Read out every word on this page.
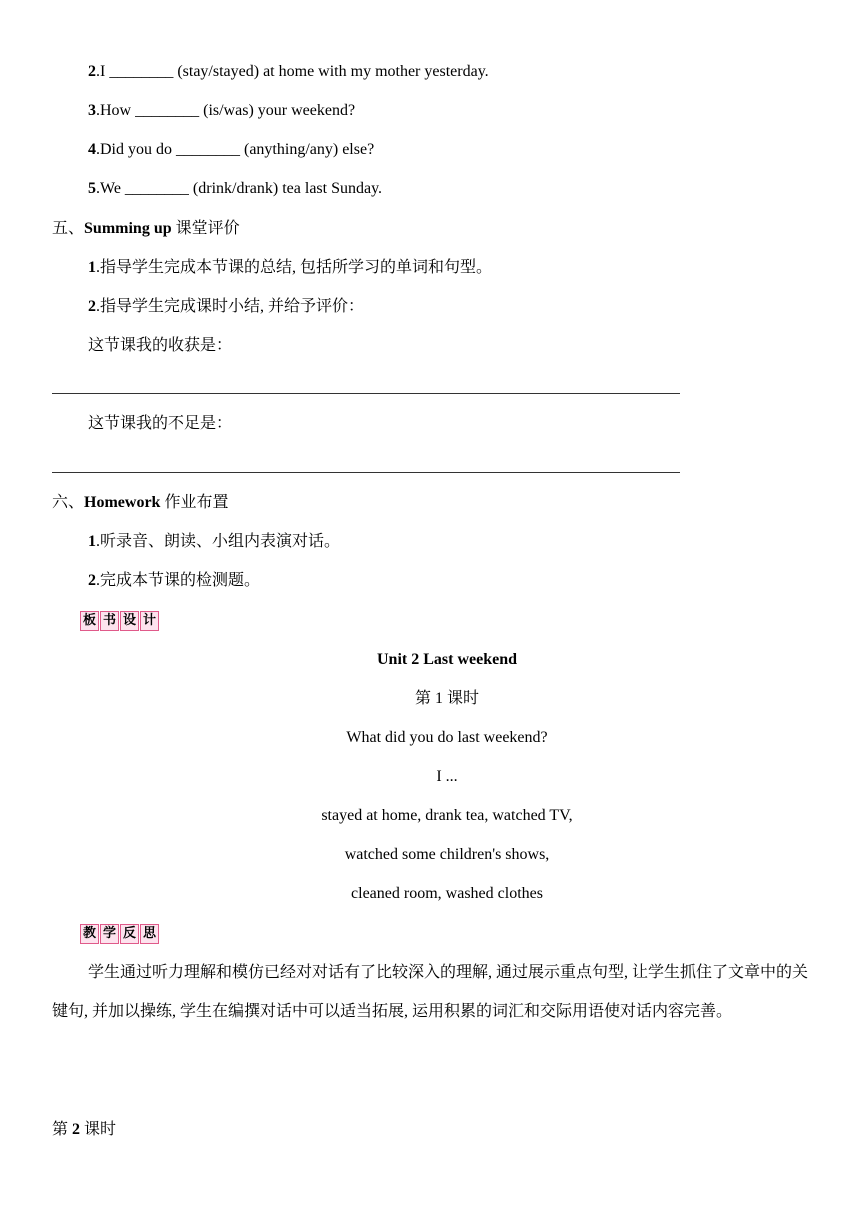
2.I ________ (stay/stayed) at home with my mother yesterday.
3.How ________ (is/was) your weekend?
4.Did you do ________ (anything/any) else?
5.We ________ (drink/drank) tea last Sunday.
五、Summing up 课堂评价
1.指导学生完成本节课的总结, 包括所学习的单词和句型。
2.指导学生完成课时小结, 并给予评价：
这节课我的收获是：
这节课我的不足是：
六、Homework 作业布置
1.听录音、朗读、小组内表演对话。
2.完成本节课的检测题。
板 书 设 计
Unit 2 Last weekend
第 1 课时
What did you do last weekend?
I ...
stayed at home, drank tea, watched TV,
watched some children's shows,
cleaned room, washed clothes
教 学 反 思
学生通过听力理解和模仿已经对对话有了比较深入的理解, 通过展示重点句型, 让学生抓住了文章中的关键句, 并加以操练, 学生在编撰对话中可以适当拓展, 运用积累的词汇和交际用语使对话内容完善。
第 2 课时
